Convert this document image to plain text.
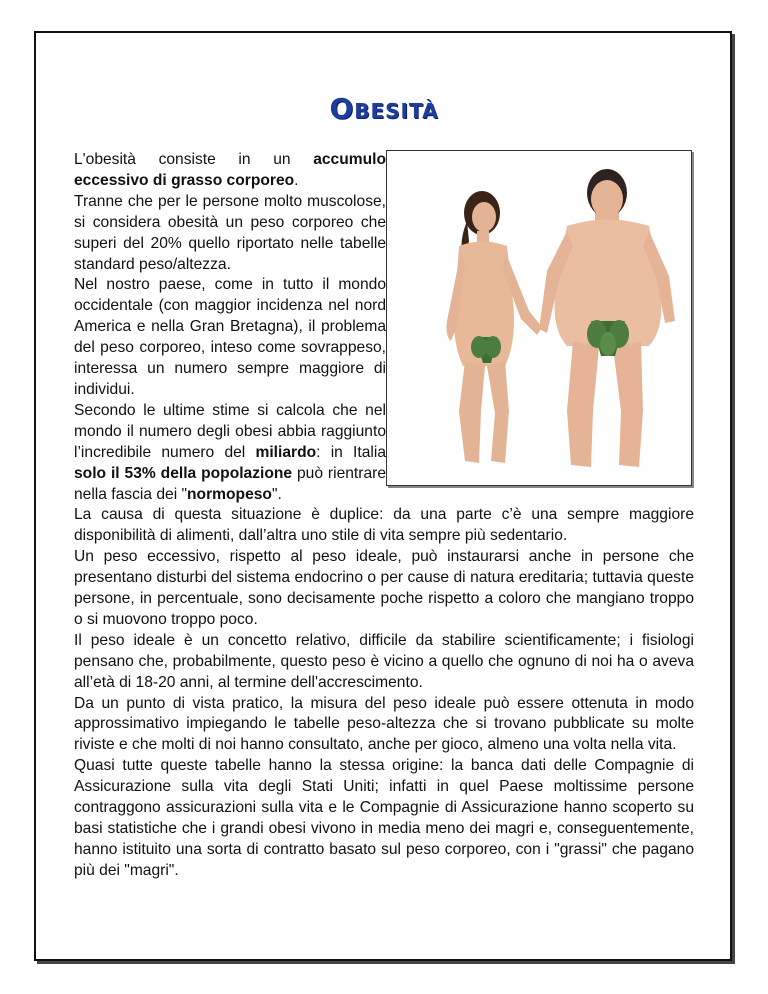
Obesità

L'obesità consiste in un accumulo eccessivo di grasso corporeo.

Tranne che per le persone molto muscolose, si considera obesità un peso corporeo che superi del 20% quello riportato nelle tabelle standard peso/altezza.

Nel nostro paese, come in tutto il mondo occidentale (con maggior incidenza nel nord America e nella Gran Bretagna), il problema del peso corporeo, inteso come sovrappeso, interessa un numero sempre maggiore di individui.

Secondo le ultime stime si calcola che nel mondo il numero degli obesi abbia raggiunto l’incredibile numero del miliardo: in Italia solo il 53% della popolazione può rientrare nella fascia dei "normopeso".

La causa di questa situazione è duplice: da una parte c’è una sempre maggiore disponibilità di alimenti, dall’altra uno stile di vita sempre più sedentario.

Un peso eccessivo, rispetto al peso ideale, può instaurarsi anche in persone che presentano disturbi del sistema endocrino o per cause di natura ereditaria; tuttavia queste persone, in percentuale, sono decisamente poche rispetto a coloro che mangiano troppo o si muovono troppo poco.

Il peso ideale è un concetto relativo, difficile da stabilire scientificamente; i fisiologi pensano che, probabilmente, questo peso è vicino a quello che ognuno di noi ha o aveva all’età di 18-20 anni, al termine dell'accrescimento.

Da un punto di vista pratico, la misura del peso ideale può essere ottenuta in modo approssimativo impiegando le tabelle peso-altezza che si trovano pubblicate su molte riviste e che molti di noi hanno consultato, anche per gioco, almeno una volta nella vita.

Quasi tutte queste tabelle hanno la stessa origine: la banca dati delle Compagnie di Assicurazione sulla vita degli Stati Uniti; infatti in quel Paese moltissime persone contraggono assicurazioni sulla vita e le Compagnie di Assicurazione hanno scoperto su basi statistiche che i grandi obesi vivono in media meno dei magri e, conseguentemente, hanno istituito una sorta di contratto basato sul peso corporeo, con i "grassi" che pagano più dei "magri".
